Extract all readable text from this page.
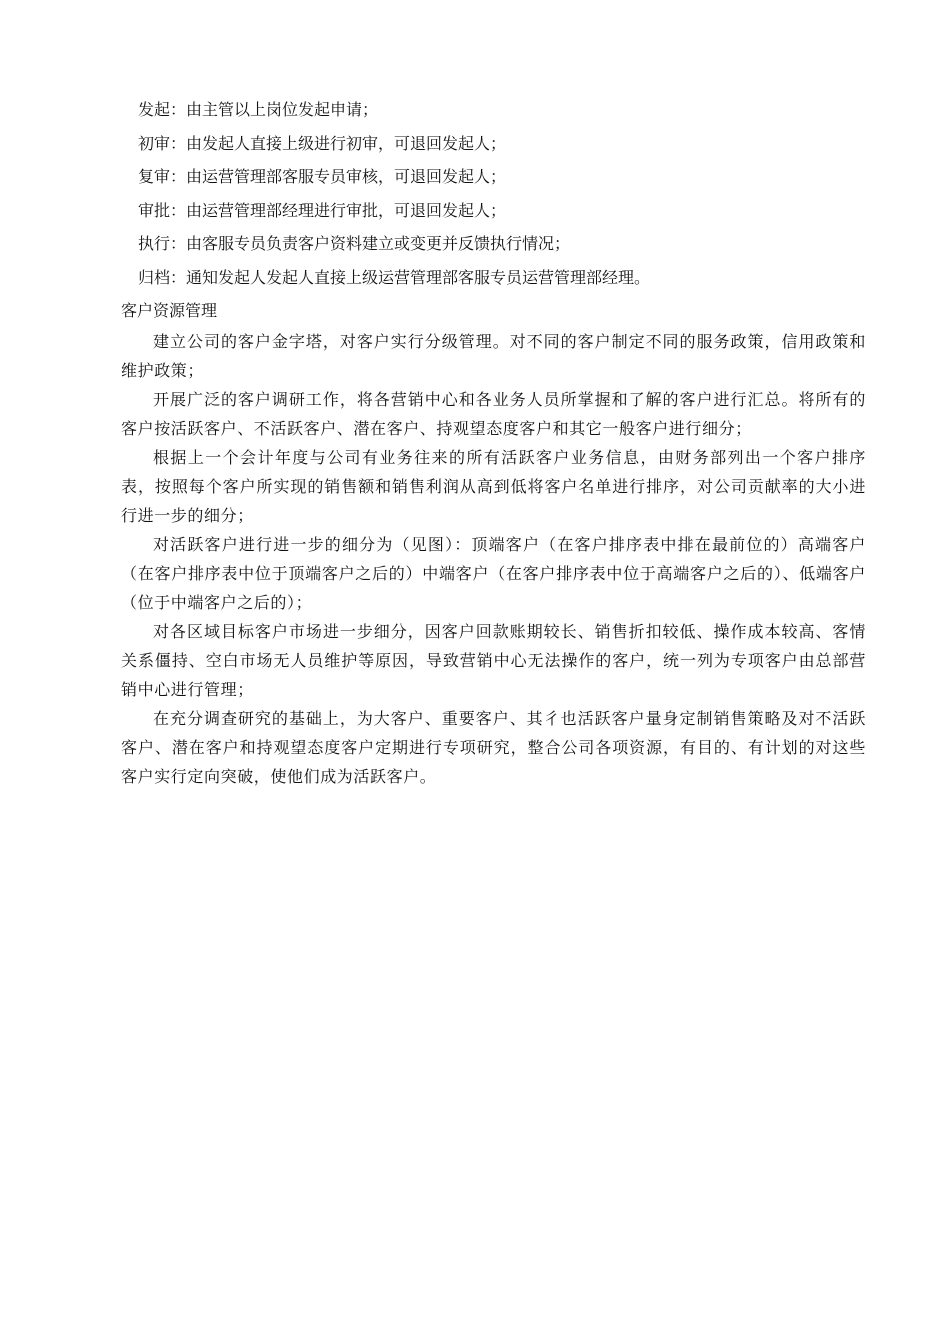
发起：由主管以上岗位发起申请；
初审：由发起人直接上级进行初审，可退回发起人；
复审：由运营管理部客服专员审核，可退回发起人；
审批：由运营管理部经理进行审批，可退回发起人；
执行：由客服专员负责客户资料建立或变更并反馈执行情况；
归档：通知发起人发起人直接上级运营管理部客服专员运营管理部经理。
客户资源管理

建立公司的客户金字塔，对客户实行分级管理。对不同的客户制定不同的服务政策，信用政策和维护政策；

开展广泛的客户调研工作，将各营销中心和各业务人员所掌握和了解的客户进行汇总。将所有的客户按活跃客户、不活跃客户、潜在客户、持观望态度客户和其它一般客户进行细分；

根据上一个会计年度与公司有业务往来的所有活跃客户业务信息，由财务部列出一个客户排序表，按照每个客户所实现的销售额和销售利润从高到低将客户名单进行排序，对公司贡献率的大小进行进一步的细分；

对活跃客户进行进一步的细分为（见图）：顶端客户（在客户排序表中排在最前位的）高端客户（在客户排序表中位于顶端客户之后的）中端客户（在客户排序表中位于高端客户之后的）、低端客户（位于中端客户之后的）；

对各区域目标客户市场进一步细分，因客户回款账期较长、销售折扣较低、操作成本较高、客情关系僵持、空白市场无人员维护等原因，导致营销中心无法操作的客户，统一列为专项客户由总部营销中心进行管理；

在充分调查研究的基础上，为大客户、重要客户、其彳也活跃客户量身定制销售策略及对不活跃客户、潜在客户和持观望态度客户定期进行专项研究，整合公司各项资源，有目的、有计划的对这些客户实行定向突破，使他们成为活跃客户。
